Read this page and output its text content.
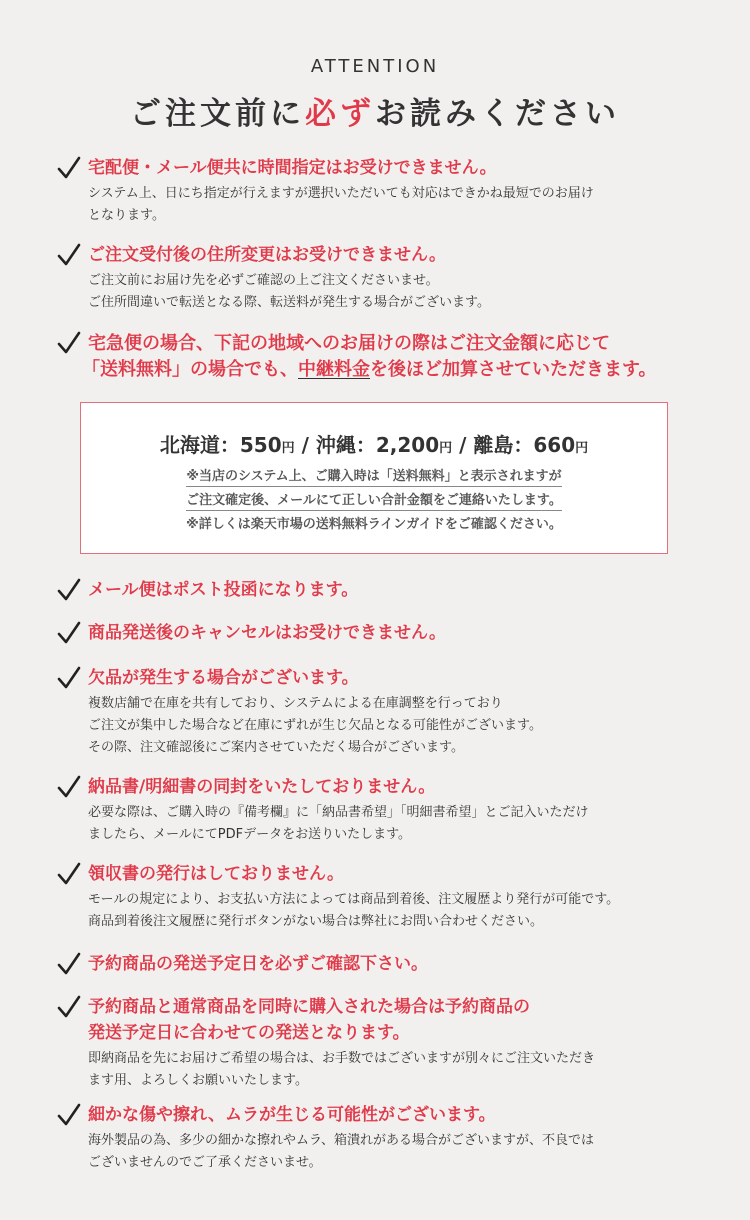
ATTENTION
ご注文前に必ずお読みください
宅配便・メール便共に時間指定はお受けできません。
システム上、日にち指定が行えますが選択いただいても対応はできかね最短でのお届け
となります。
ご注文受付後の住所変更はお受けできません。
ご注文前にお届け先を必ずご確認の上ご注文くださいませ。
ご住所間違いで転送となる際、転送料が発生する場合がございます。
宅急便の場合、下記の地域へのお届けの際はご注文金額に応じて
「送料無料」の場合でも、中継料金を後ほど加算させていただきます。
北海道：550円 / 沖縄：2,200円 / 離島：660円
※当店のシステム上、ご購入時は「送料無料」と表示されますが
ご注文確定後、メールにて正しい合計金額をご連絡いたします。
※詳しくは楽天市場の送料無料ラインガイドをご確認ください。
メール便はポスト投函になります。
商品発送後のキャンセルはお受けできません。
欠品が発生する場合がございます。
複数店舗で在庫を共有しており、システムによる在庫調整を行っており
ご注文が集中した場合など在庫にずれが生じ欠品となる可能性がございます。
その際、注文確認後にご案内させていただく場合がございます。
納品書/明細書の同封をいたしておりません。
必要な際は、ご購入時の『備考欄』に「納品書希望」「明細書希望」とご記入いただけ
ましたら、メールにてPDFデータをお送りいたします。
領収書の発行はしておりません。
モールの規定により、お支払い方法によっては商品到着後、注文履歴より発行が可能です。
商品到着後注文履歴に発行ボタンがない場合は弊社にお問い合わせください。
予約商品の発送予定日を必ずご確認下さい。
予約商品と通常商品を同時に購入された場合は予約商品の
発送予定日に合わせての発送となります。
即納商品を先にお届けご希望の場合は、お手数ではございますが別々にご注文いただき
ます用、よろしくお願いいたします。
細かな傷や擦れ、ムラが生じる可能性がございます。
海外製品の為、多少の細かな擦れやムラ、箱潰れがある場合がございますが、不良では
ございませんのでご了承くださいませ。
